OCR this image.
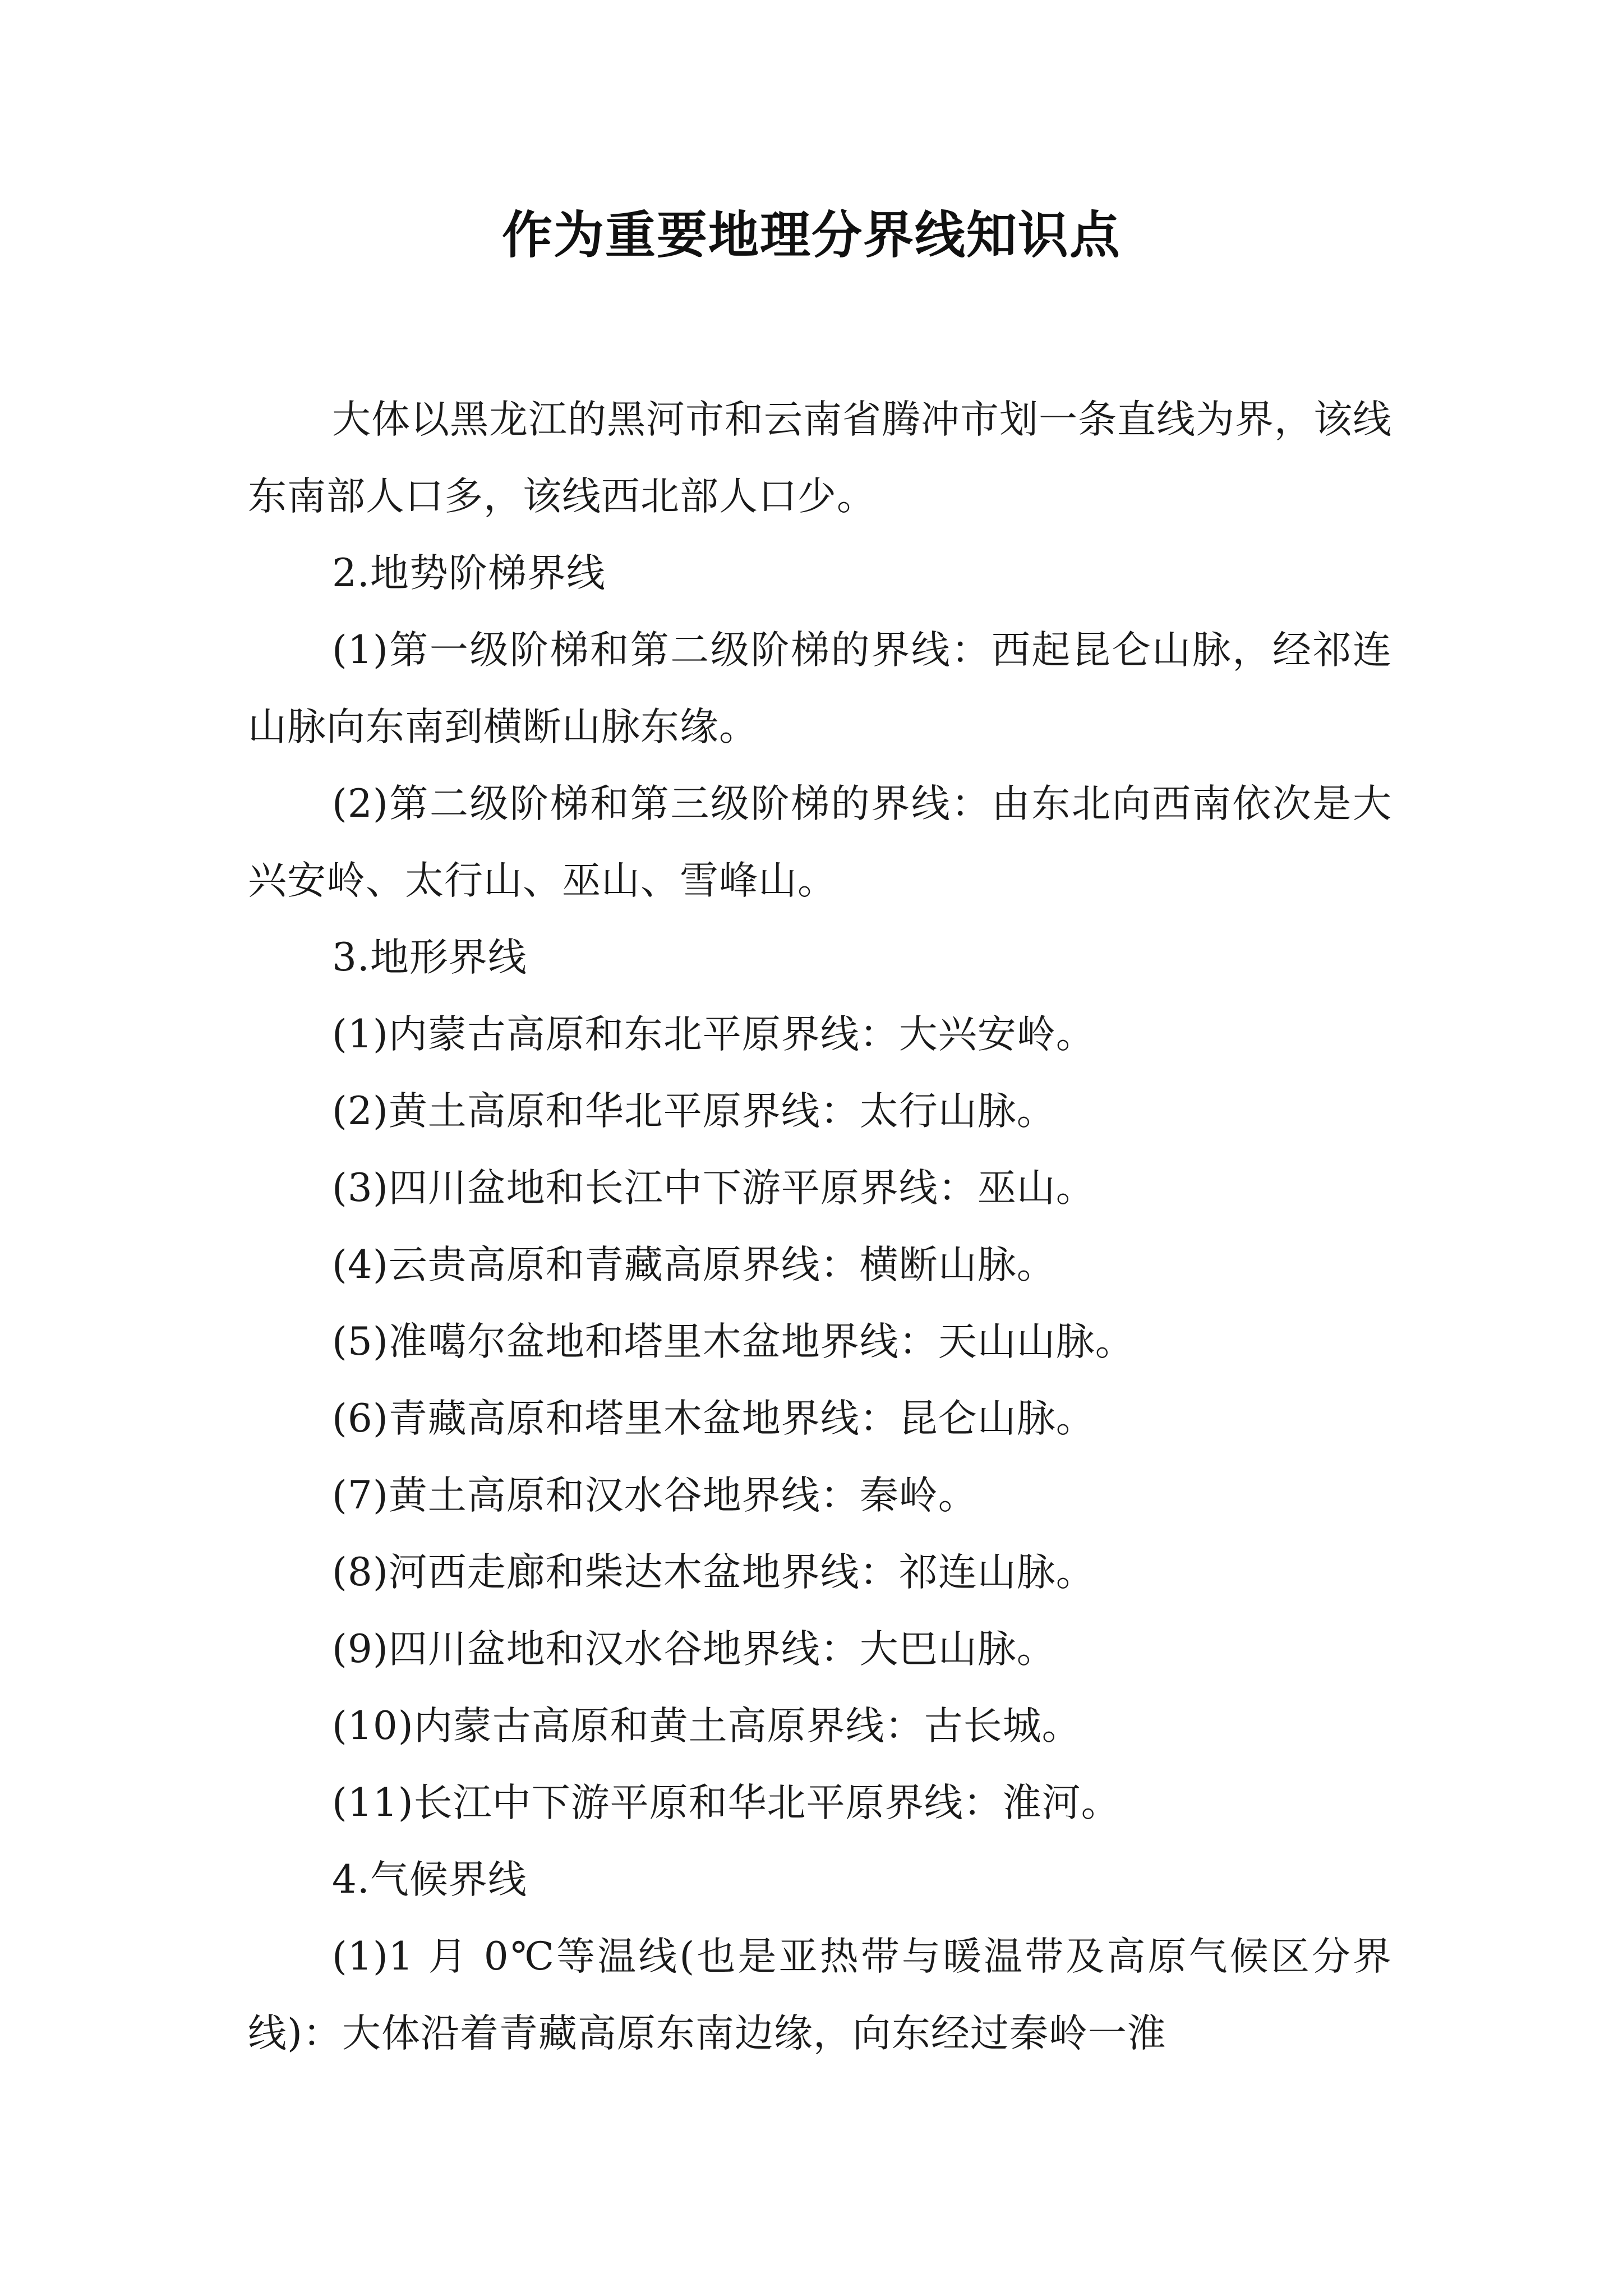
作为重要地理分界线知识点

大体以黑龙江的黑河市和云南省腾冲市划一条直线为界，该线东南部人口多，该线西北部人口少。

2.地势阶梯界线

(1)第一级阶梯和第二级阶梯的界线：西起昆仑山脉，经祁连山脉向东南到横断山脉东缘。

(2)第二级阶梯和第三级阶梯的界线：由东北向西南依次是大兴安岭、太行山、巫山、雪峰山。

3.地形界线

(1)内蒙古高原和东北平原界线：大兴安岭。

(2)黄土高原和华北平原界线：太行山脉。

(3)四川盆地和长江中下游平原界线：巫山。

(4)云贵高原和青藏高原界线：横断山脉。

(5)准噶尔盆地和塔里木盆地界线：天山山脉。

(6)青藏高原和塔里木盆地界线：昆仑山脉。

(7)黄土高原和汉水谷地界线：秦岭。

(8)河西走廊和柴达木盆地界线：祁连山脉。

(9)四川盆地和汉水谷地界线：大巴山脉。

(10)内蒙古高原和黄土高原界线：古长城。

(11)长江中下游平原和华北平原界线：淮河。

4.气候界线

(1)1 月 0℃等温线(也是亚热带与暖温带及高原气候区分界线)：大体沿着青藏高原东南边缘，向东经过秦岭一淮
